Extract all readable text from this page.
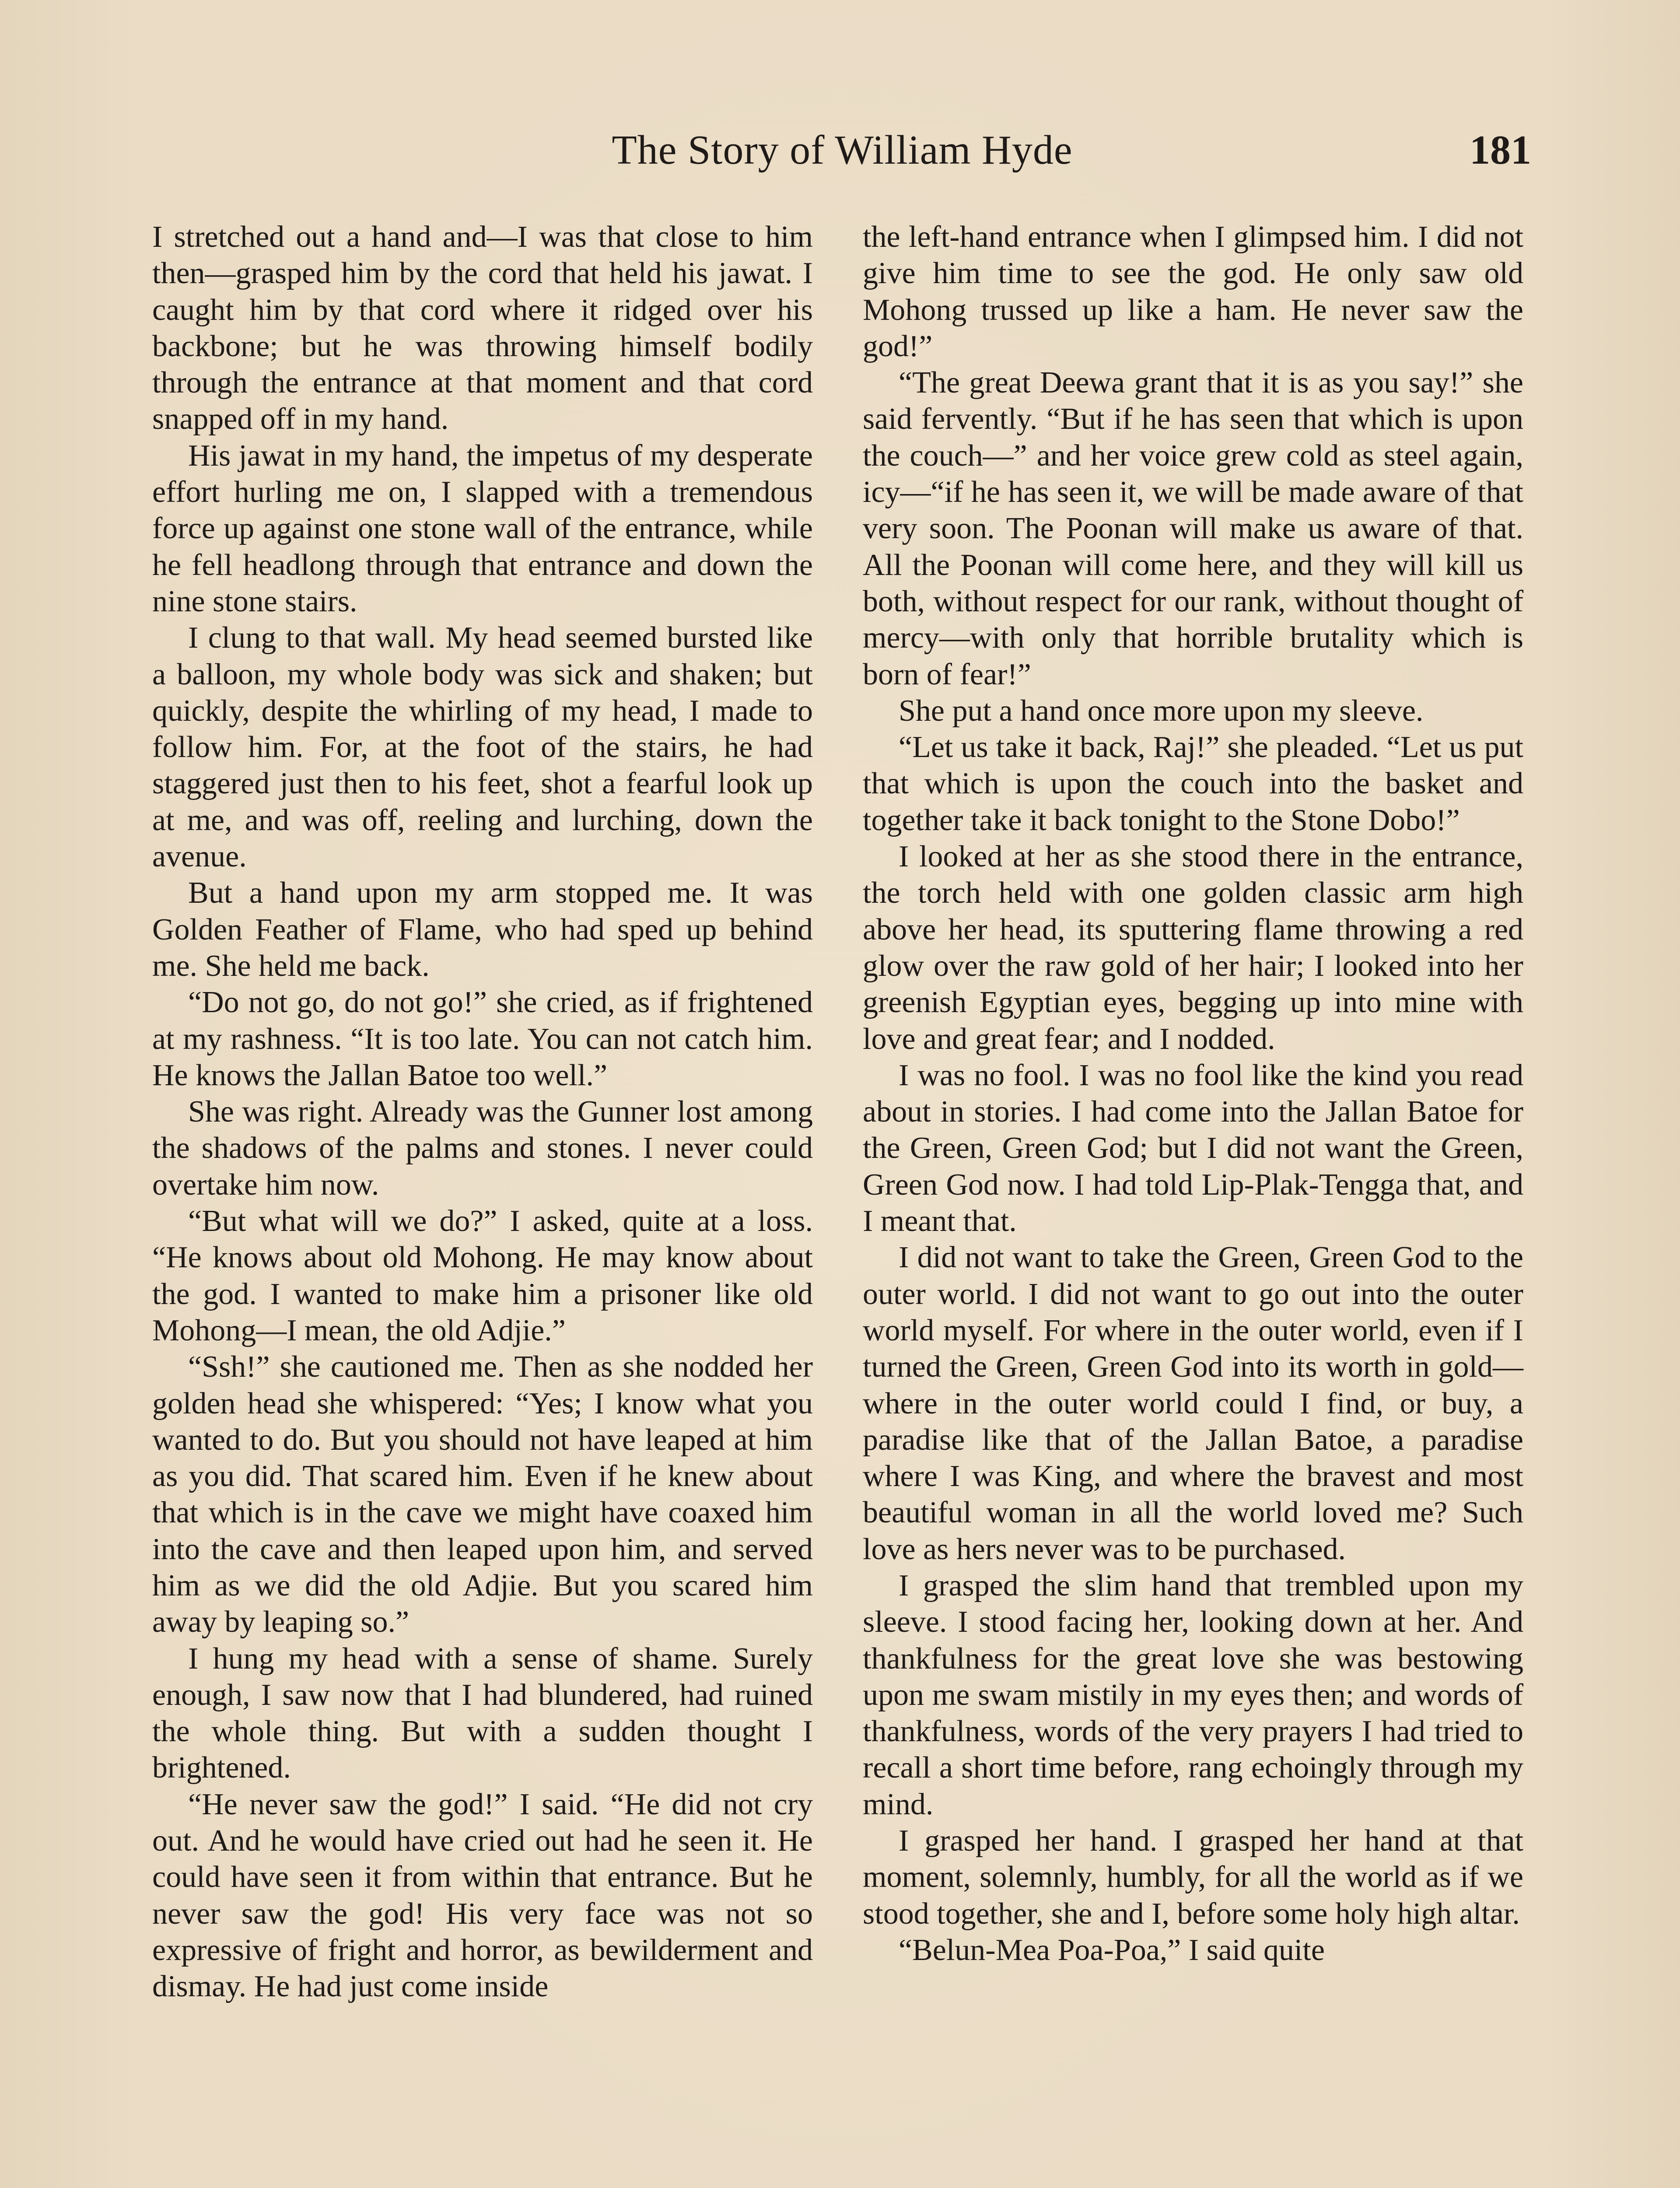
The Story of William Hyde	181

I stretched out a hand and—I was that close to him then—grasped him by the cord that held his jawat. I caught him by that cord where it ridged over his backbone; but he was throwing himself bodily through the entrance at that moment and that cord snapped off in my hand.

His jawat in my hand, the impetus of my desperate effort hurling me on, I slapped with a tremendous force up against one stone wall of the entrance, while he fell headlong through that entrance and down the nine stone stairs.

I clung to that wall. My head seemed bursted like a balloon, my whole body was sick and shaken; but quickly, despite the whirling of my head, I made to follow him. For, at the foot of the stairs, he had staggered just then to his feet, shot a fearful look up at me, and was off, reeling and lurching, down the avenue.

But a hand upon my arm stopped me. It was Golden Feather of Flame, who had sped up behind me. She held me back.

“Do not go, do not go!” she cried, as if frightened at my rashness. “It is too late. You can not catch him. He knows the Jallan Batoe too well.”

She was right. Already was the Gunner lost among the shadows of the palms and stones. I never could overtake him now.

“But what will we do?” I asked, quite at a loss. “He knows about old Mohong. He may know about the god. I wanted to make him a prisoner like old Mohong—I mean, the old Adjie.”

“Ssh!” she cautioned me. Then as she nodded her golden head she whispered: “Yes; I know what you wanted to do. But you should not have leaped at him as you did. That scared him. Even if he knew about that which is in the cave we might have coaxed him into the cave and then leaped upon him, and served him as we did the old Adjie. But you scared him away by leaping so.”

I hung my head with a sense of shame. Surely enough, I saw now that I had blundered, had ruined the whole thing. But with a sudden thought I brightened.

“He never saw the god!” I said. “He did not cry out. And he would have cried out had he seen it. He could have seen it from within that entrance. But he never saw the god! His very face was not so expressive of fright and horror, as bewilderment and dismay. He had just come inside

the left-hand entrance when I glimpsed him. I did not give him time to see the god. He only saw old Mohong trussed up like a ham. He never saw the god!”

“The great Deewa grant that it is as you say!” she said fervently. “But if he has seen that which is upon the couch—” and her voice grew cold as steel again, icy—“if he has seen it, we will be made aware of that very soon. The Poonan will make us aware of that. All the Poonan will come here, and they will kill us both, without respect for our rank, without thought of mercy—with only that horrible brutality which is born of fear!”

She put a hand once more upon my sleeve.

“Let us take it back, Raj!” she pleaded. “Let us put that which is upon the couch into the basket and together take it back tonight to the Stone Dobo!”

I looked at her as she stood there in the entrance, the torch held with one golden classic arm high above her head, its sputtering flame throwing a red glow over the raw gold of her hair; I looked into her greenish Egyptian eyes, begging up into mine with love and great fear; and I nodded.

I was no fool. I was no fool like the kind you read about in stories. I had come into the Jallan Batoe for the Green, Green God; but I did not want the Green, Green God now. I had told Lip-Plak-Tengga that, and I meant that.

I did not want to take the Green, Green God to the outer world. I did not want to go out into the outer world myself. For where in the outer world, even if I turned the Green, Green God into its worth in gold—where in the outer world could I find, or buy, a paradise like that of the Jallan Batoe, a paradise where I was King, and where the bravest and most beautiful woman in all the world loved me? Such love as hers never was to be purchased.

I grasped the slim hand that trembled upon my sleeve. I stood facing her, looking down at her. And thankfulness for the great love she was bestowing upon me swam mistily in my eyes then; and words of thankfulness, words of the very prayers I had tried to recall a short time before, rang echoingly through my mind.

I grasped her hand. I grasped her hand at that moment, solemnly, humbly, for all the world as if we stood together, she and I, before some holy high altar.

“Belun-Mea Poa-Poa,” I said quite
